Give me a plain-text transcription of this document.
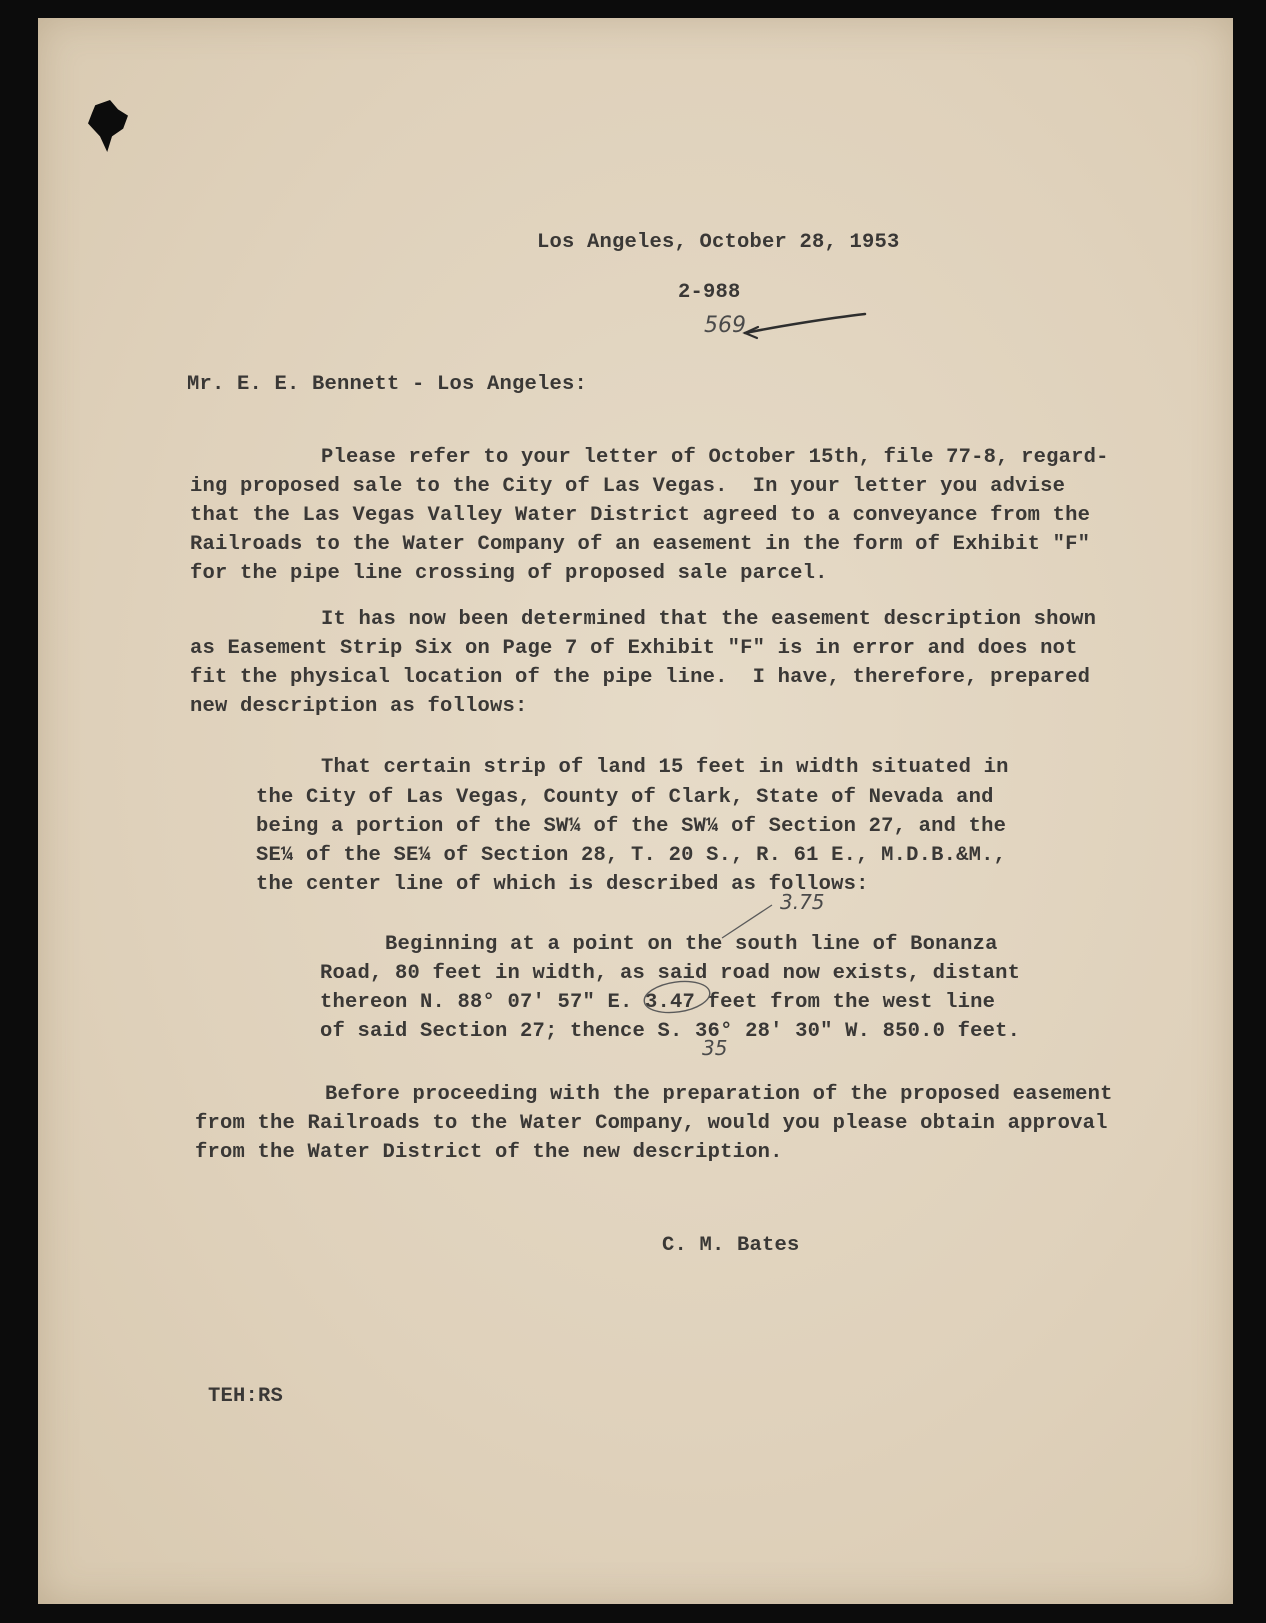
Los Angeles, October 28, 1953

2-988

569

Mr. E. E. Bennett - Los Angeles:

Please refer to your letter of October 15th, file 77-8, regard-

ing proposed sale to the City of Las Vegas.  In your letter you advise

that the Las Vegas Valley Water District agreed to a conveyance from the

Railroads to the Water Company of an easement in the form of Exhibit "F"

for the pipe line crossing of proposed sale parcel.

It has now been determined that the easement description shown

as Easement Strip Six on Page 7 of Exhibit "F" is in error and does not

fit the physical location of the pipe line.  I have, therefore, prepared

new description as follows:

That certain strip of land 15 feet in width situated in

the City of Las Vegas, County of Clark, State of Nevada and

being a portion of the SW¼ of the SW¼ of Section 27, and the

SE¼ of the SE¼ of Section 28, T. 20 S., R. 61 E., M.D.B.&M.,

the center line of which is described as follows:

3.75

Beginning at a point on the south line of Bonanza

Road, 80 feet in width, as said road now exists, distant

thereon N. 88° 07' 57" E. 3.47 feet from the west line

of said Section 27; thence S. 36° 28' 30" W. 850.0 feet.

35

Before proceeding with the preparation of the proposed easement

from the Railroads to the Water Company, would you please obtain approval

from the Water District of the new description.

C. M. Bates

TEH:RS
